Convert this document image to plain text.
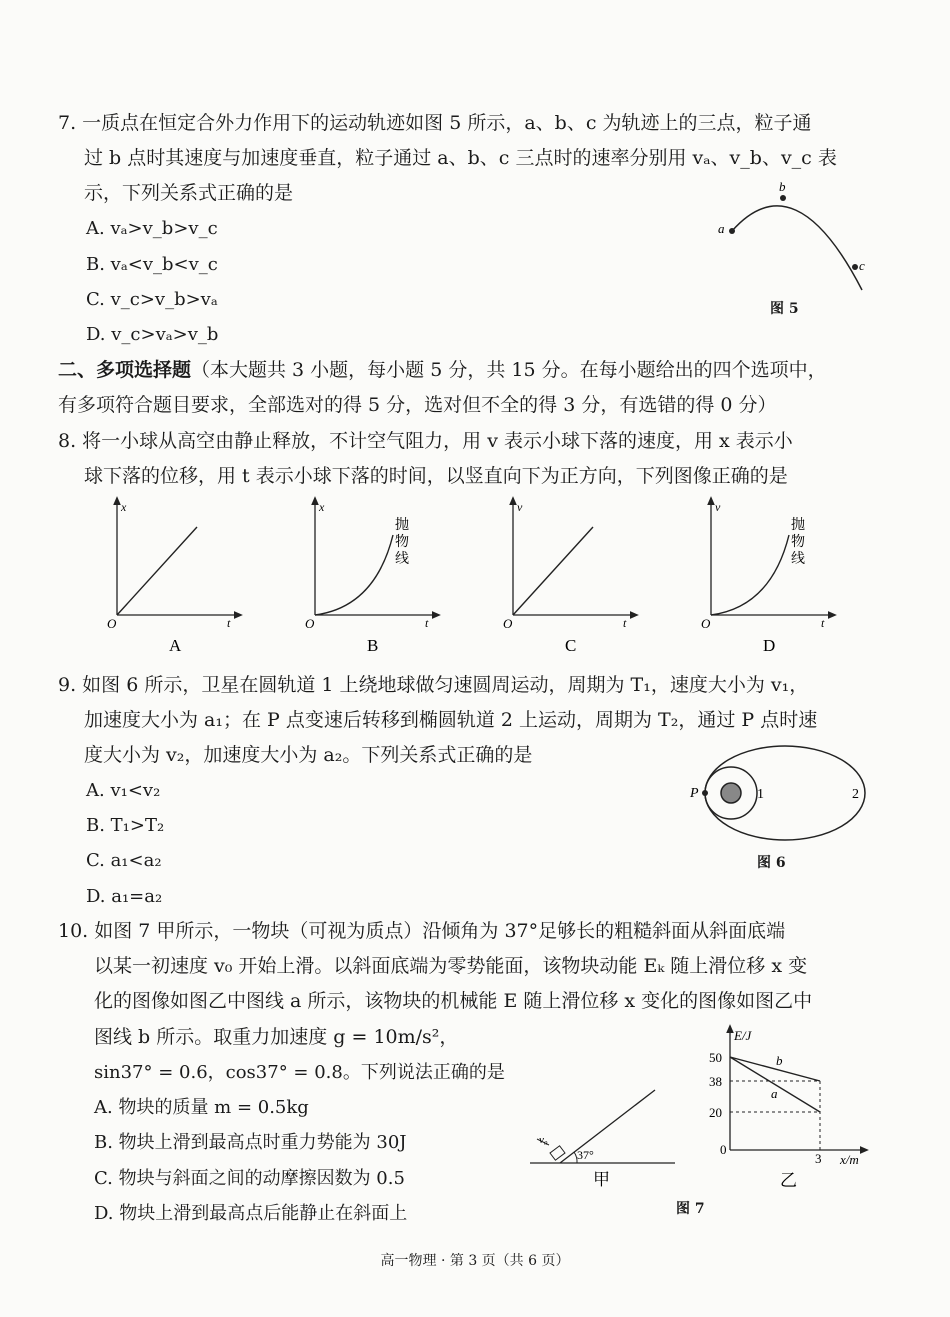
7. 一质点在恒定合外力作用下的运动轨迹如图 5 所示，a、b、c 为轨迹上的三点，粒子通
过 b 点时其速度与加速度垂直，粒子通过 a、b、c 三点时的速率分别用 vₐ、v_b、v_c 表
示，下列关系式正确的是
A. vₐ>v_b>v_c
B. vₐ<v_b<v_c
C. v_c>v_b>vₐ
D. v_c>vₐ>v_b
a
b
c
图 5
二、多项选择题（本大题共 3 小题，每小题 5 分，共 15 分。在每小题给出的四个选项中，
有多项符合题目要求，全部选对的得 5 分，选对但不全的得 3 分，有选错的得 0 分）
8. 将一小球从高空由静止释放，不计空气阻力，用 v 表示小球下落的速度，用 x 表示小
球下落的位移，用 t 表示小球下落的时间，以竖直向下为正方向，下列图像正确的是
x
t
O
A
x
t
O
抛
物
线
B
v
t
O
C
v
t
O
抛
物
线
D
9. 如图 6 所示，卫星在圆轨道 1 上绕地球做匀速圆周运动，周期为 T₁，速度大小为 v₁，
加速度大小为 a₁；在 P 点变速后转移到椭圆轨道 2 上运动，周期为 T₂，通过 P 点时速
度大小为 v₂，加速度大小为 a₂。下列关系式正确的是
A. v₁<v₂
B. T₁>T₂
C. a₁<a₂
D. a₁=a₂
P	1	2
图 6
10. 如图 7 甲所示，一物块（可视为质点）沿倾角为 37°足够长的粗糙斜面从斜面底端
以某一初速度 v₀ 开始上滑。以斜面底端为零势能面，该物块动能 Eₖ 随上滑位移 x 变
化的图像如图乙中图线 a 所示，该物块的机械能 E 随上滑位移 x 变化的图像如图乙中
图线 b 所示。取重力加速度 g = 10m/s²，
sin37° = 0.6，cos37° = 0.8。下列说法正确的是
A. 物块的质量 m = 0.5kg
B. 物块上滑到最高点时重力势能为 30J
C. 物块与斜面之间的动摩擦因数为 0.5
D. 物块上滑到最高点后能静止在斜面上
v₀
37°
甲
E/J
x/m
0
50
38
20
3
b
a
乙
图 7
高一物理 · 第 3 页（共 6 页）
